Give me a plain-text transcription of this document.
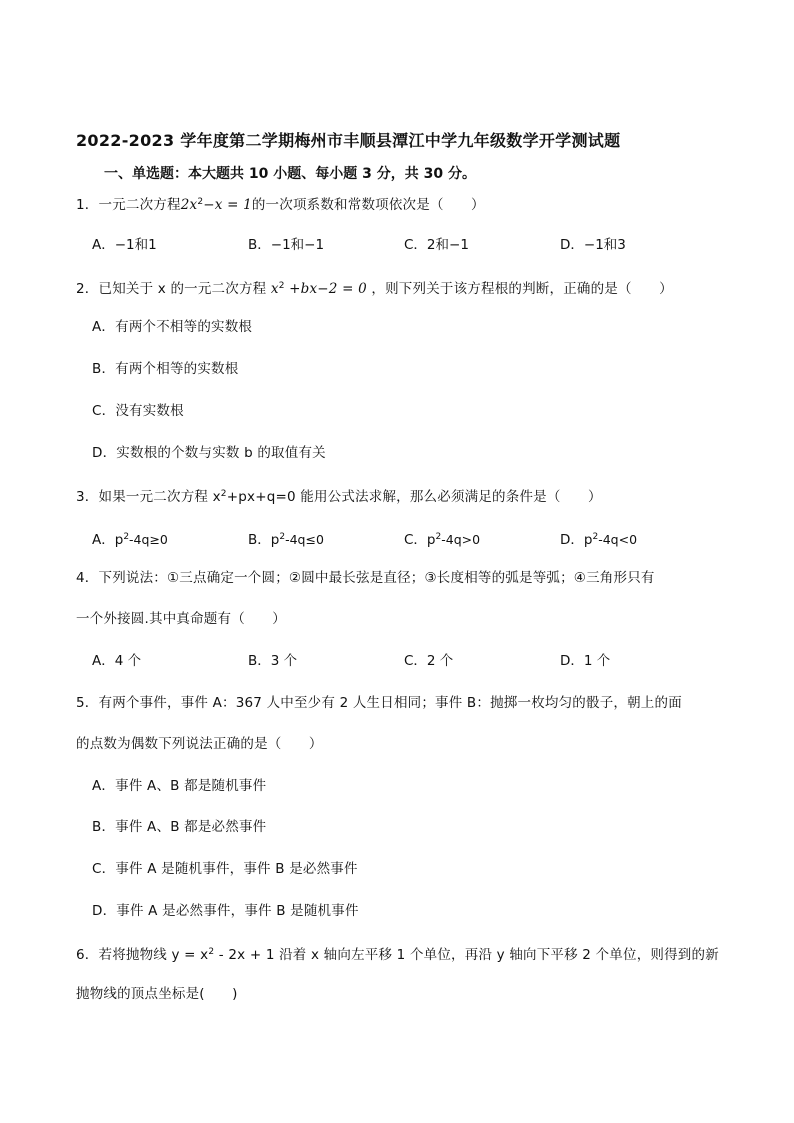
2022-2023 学年度第二学期梅州市丰顺县潭江中学九年级数学开学测试题
一、单选题：本大题共 10 小题、每小题 3 分，共 30 分。
1．一元二次方程$2x^2-x = 1$的一次项系数和常数项依次是（　　）
A．−1和1	B．−1和−1	C．2和−1	D．−1和3
2．已知关于 x 的一元二次方程 $x^2 +bx-2 = 0$ ，则下列关于该方程根的判断，正确的是（　　）
A．有两个不相等的实数根
B．有两个相等的实数根
C．没有实数根
D．实数根的个数与实数 b 的取值有关
3．如果一元二次方程 $x^2+px+q=0$ 能用公式法求解，那么必须满足的条件是（　　）
A．$p^2-4q\ge 0$	B．$p^2-4q\le 0$	C．$p^2-4q>0$	D．$p^2-4q<0$
4．下列说法：①三点确定一个圆；②圆中最长弦是直径；③长度相等的弧是等弧；④三角形只有
一个外接圆.其中真命题有（　　）
A．4 个	B．3 个	C．2 个	D．1 个
5．有两个事件，事件 A：367 人中至少有 2 人生日相同；事件 B：抛掷一枚均匀的骰子，朝上的面
的点数为偶数下列说法正确的是（　　）
A．事件 A、B 都是随机事件
B．事件 A、B 都是必然事件
C．事件 A 是随机事件，事件 B 是必然事件
D．事件 A 是必然事件，事件 B 是随机事件
6．若将抛物线 $y = x^2 - 2x + 1$ 沿着 x 轴向左平移 1 个单位，再沿 y 轴向下平移 2 个单位，则得到的新
抛物线的顶点坐标是(　　)
